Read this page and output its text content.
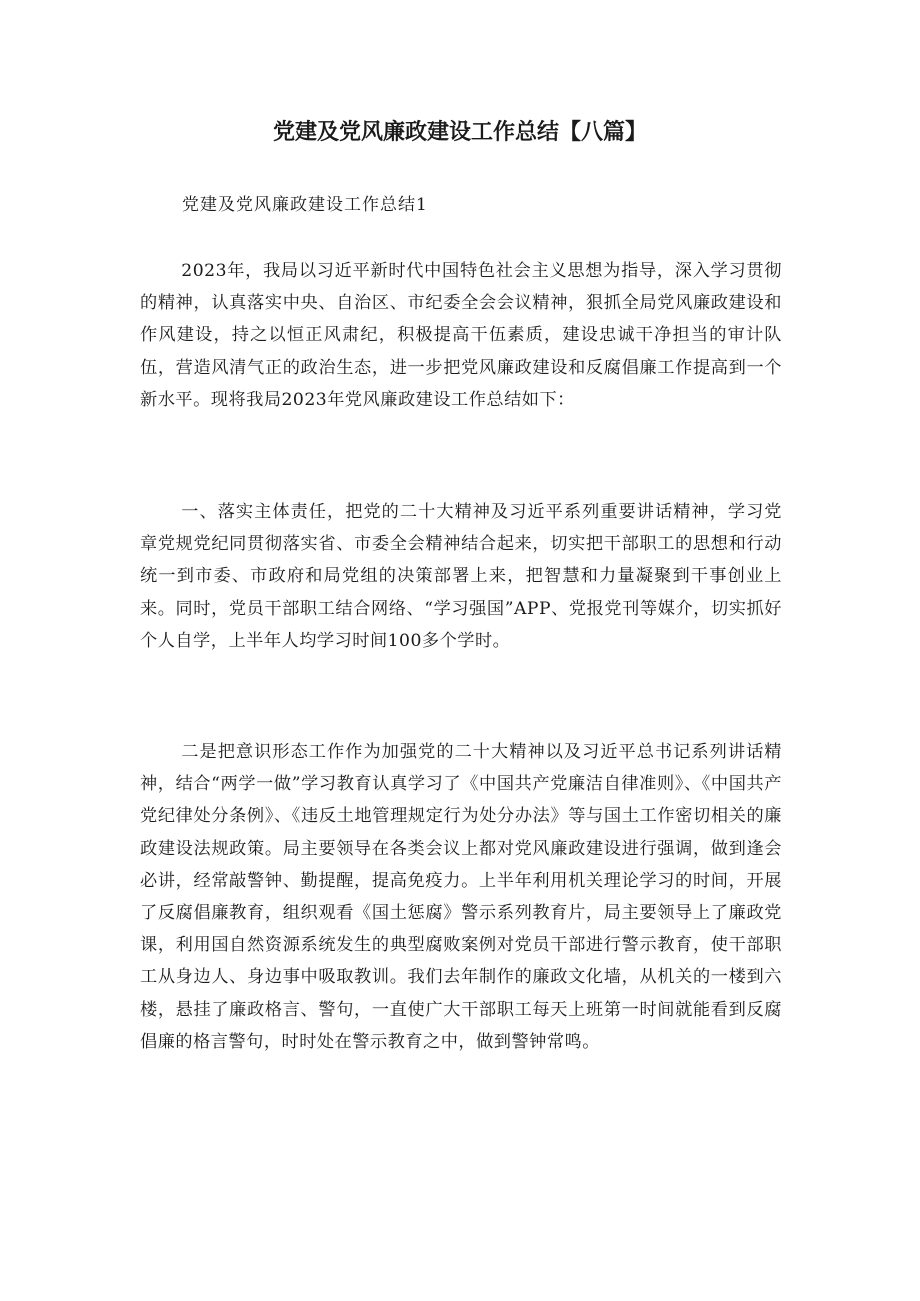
党建及党风廉政建设工作总结【八篇】

党建及党风廉政建设工作总结1

2023年，我局以习近平新时代中国特色社会主义思想为指导，深入学习贯彻的精神，认真落实中央、自治区、市纪委全会会议精神，狠抓全局党风廉政建设和作风建设，持之以恒正风肃纪，积极提高干伍素质，建设忠诚干净担当的审计队伍，营造风清气正的政治生态，进一步把党风廉政建设和反腐倡廉工作提高到一个新水平。现将我局2023年党风廉政建设工作总结如下：

一、落实主体责任，把党的二十大精神及习近平系列重要讲话精神，学习党章党规党纪同贯彻落实省、市委全会精神结合起来，切实把干部职工的思想和行动统一到市委、市政府和局党组的决策部署上来，把智慧和力量凝聚到干事创业上来。同时，党员干部职工结合网络、“学习强国”APP、党报党刊等媒介，切实抓好个人自学，上半年人均学习时间100多个学时。

二是把意识形态工作作为加强党的二十大精神以及习近平总书记系列讲话精神，结合“两学一做”学习教育认真学习了《中国共产党廉洁自律准则》、《中国共产党纪律处分条例》、《违反土地管理规定行为处分办法》等与国土工作密切相关的廉政建设法规政策。局主要领导在各类会议上都对党风廉政建设进行强调，做到逢会必讲，经常敲警钟、勤提醒，提高免疫力。上半年利用机关理论学习的时间，开展了反腐倡廉教育，组织观看《国土惩腐》警示系列教育片，局主要领导上了廉政党课，利用国自然资源系统发生的典型腐败案例对党员干部进行警示教育，使干部职工从身边人、身边事中吸取教训。我们去年制作的廉政文化墙，从机关的一楼到六楼，悬挂了廉政格言、警句，一直使广大干部职工每天上班第一时间就能看到反腐倡廉的格言警句，时时处在警示教育之中，做到警钟常鸣。
